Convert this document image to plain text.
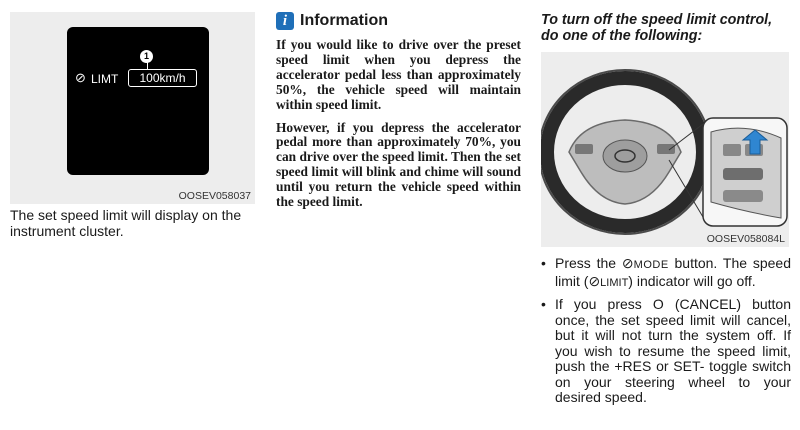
⊘ LIMT
1
100km/h
OOSEV058037
The set speed limit will display on the instrument cluster.
i Information

If you would like to drive over the preset speed limit when you depress the accelerator pedal less than approximately 50%, the vehicle speed will maintain within speed limit.

However, if you depress the accelerator pedal more than approximately 70%, you can drive over the speed limit. Then the set speed limit will blink and chime will sound until you return the vehicle speed within the speed limit.

To turn off the speed limit control, do one of the following:
OOSEV058084L
• Press the ⊘MODE button. The speed limit (⊘LIMIT) indicator will go off.
• If you press O (CANCEL) button once, the set speed limit will cancel, but it will not turn the system off. If you wish to resume the speed limit, push the +RES or SET- toggle switch on your steering wheel to your desired speed.
